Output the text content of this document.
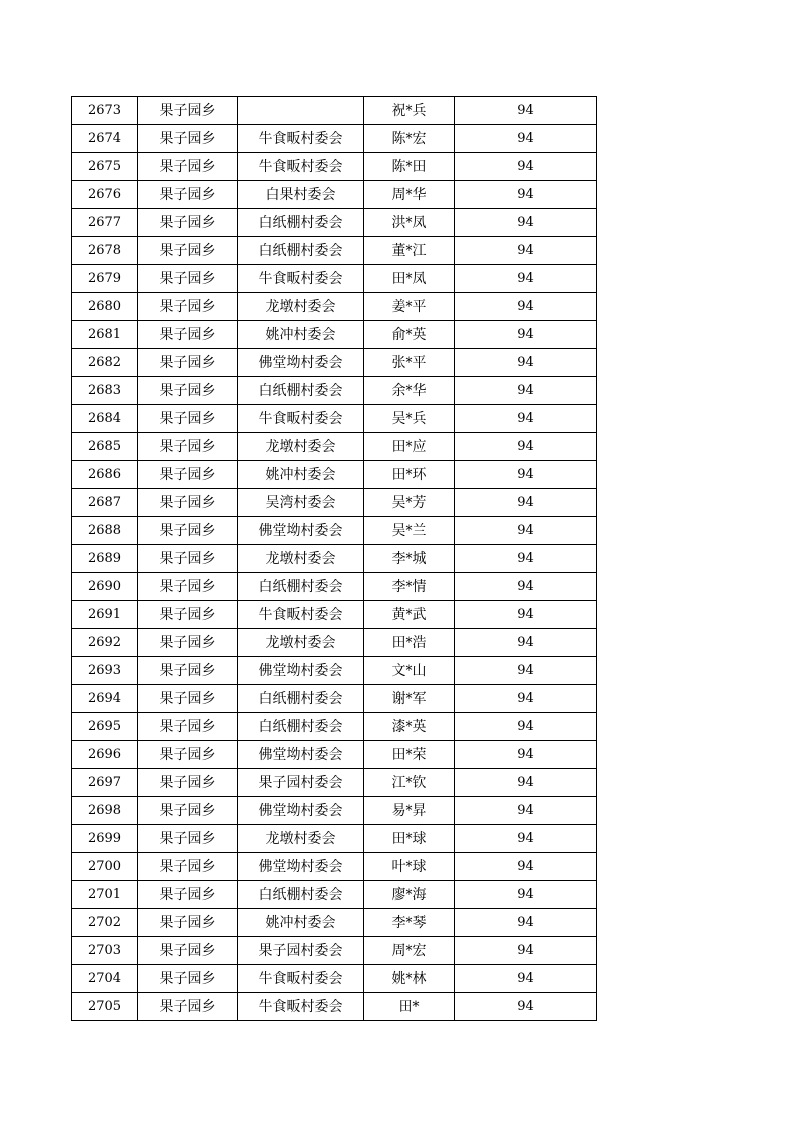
2673	果子园乡		祝*兵	94
2674	果子园乡	牛食畈村委会	陈*宏	94
2675	果子园乡	牛食畈村委会	陈*田	94
2676	果子园乡	白果村委会	周*华	94
2677	果子园乡	白纸棚村委会	洪*凤	94
2678	果子园乡	白纸棚村委会	董*江	94
2679	果子园乡	牛食畈村委会	田*凤	94
2680	果子园乡	龙墩村委会	姜*平	94
2681	果子园乡	姚冲村委会	俞*英	94
2682	果子园乡	佛堂坳村委会	张*平	94
2683	果子园乡	白纸棚村委会	余*华	94
2684	果子园乡	牛食畈村委会	吴*兵	94
2685	果子园乡	龙墩村委会	田*应	94
2686	果子园乡	姚冲村委会	田*环	94
2687	果子园乡	吴湾村委会	吴*芳	94
2688	果子园乡	佛堂坳村委会	吴*兰	94
2689	果子园乡	龙墩村委会	李*城	94
2690	果子园乡	白纸棚村委会	李*情	94
2691	果子园乡	牛食畈村委会	黄*武	94
2692	果子园乡	龙墩村委会	田*浩	94
2693	果子园乡	佛堂坳村委会	文*山	94
2694	果子园乡	白纸棚村委会	谢*军	94
2695	果子园乡	白纸棚村委会	漆*英	94
2696	果子园乡	佛堂坳村委会	田*荣	94
2697	果子园乡	果子园村委会	江*钦	94
2698	果子园乡	佛堂坳村委会	易*昇	94
2699	果子园乡	龙墩村委会	田*球	94
2700	果子园乡	佛堂坳村委会	叶*球	94
2701	果子园乡	白纸棚村委会	廖*海	94
2702	果子园乡	姚冲村委会	李*琴	94
2703	果子园乡	果子园村委会	周*宏	94
2704	果子园乡	牛食畈村委会	姚*林	94
2705	果子园乡	牛食畈村委会	田*	94
